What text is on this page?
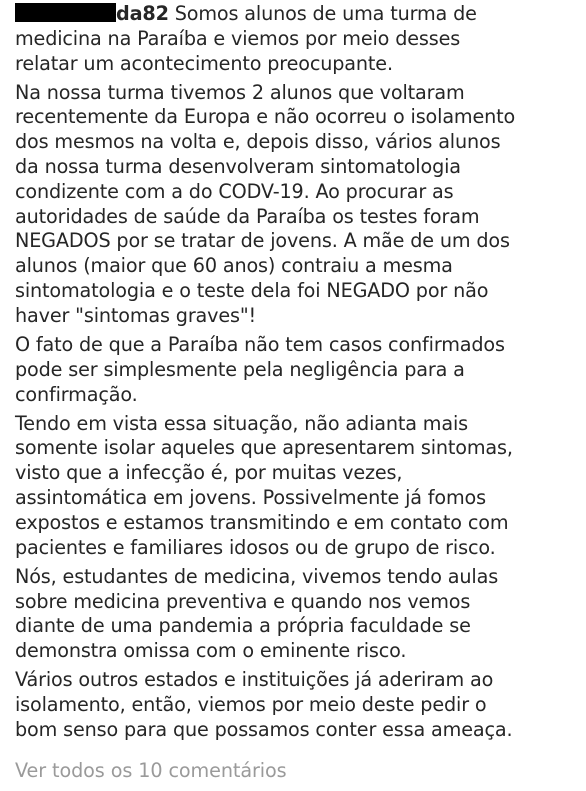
da82 Somos alunos de uma turma de
medicina na Paraíba e viemos por meio desses
relatar um acontecimento preocupante.
Na nossa turma tivemos 2 alunos que voltaram
recentemente da Europa e não ocorreu o isolamento
dos mesmos na volta e, depois disso, vários alunos
da nossa turma desenvolveram sintomatologia
condizente com a do CODV-19. Ao procurar as
autoridades de saúde da Paraíba os testes foram
NEGADOS por se tratar de jovens. A mãe de um dos
alunos (maior que 60 anos) contraiu a mesma
sintomatologia e o teste dela foi NEGADO por não
haver "sintomas graves"!
O fato de que a Paraíba não tem casos confirmados
pode ser simplesmente pela negligência para a
confirmação.
Tendo em vista essa situação, não adianta mais
somente isolar aqueles que apresentarem sintomas,
visto que a infecção é, por muitas vezes,
assintomática em jovens. Possivelmente já fomos
expostos e estamos transmitindo e em contato com
pacientes e familiares idosos ou de grupo de risco.
Nós, estudantes de medicina, vivemos tendo aulas
sobre medicina preventiva e quando nos vemos
diante de uma pandemia a própria faculdade se
demonstra omissa com o eminente risco.
Vários outros estados e instituições já aderiram ao
isolamento, então, viemos por meio deste pedir o
bom senso para que possamos conter essa ameaça.
Ver todos os 10 comentários
